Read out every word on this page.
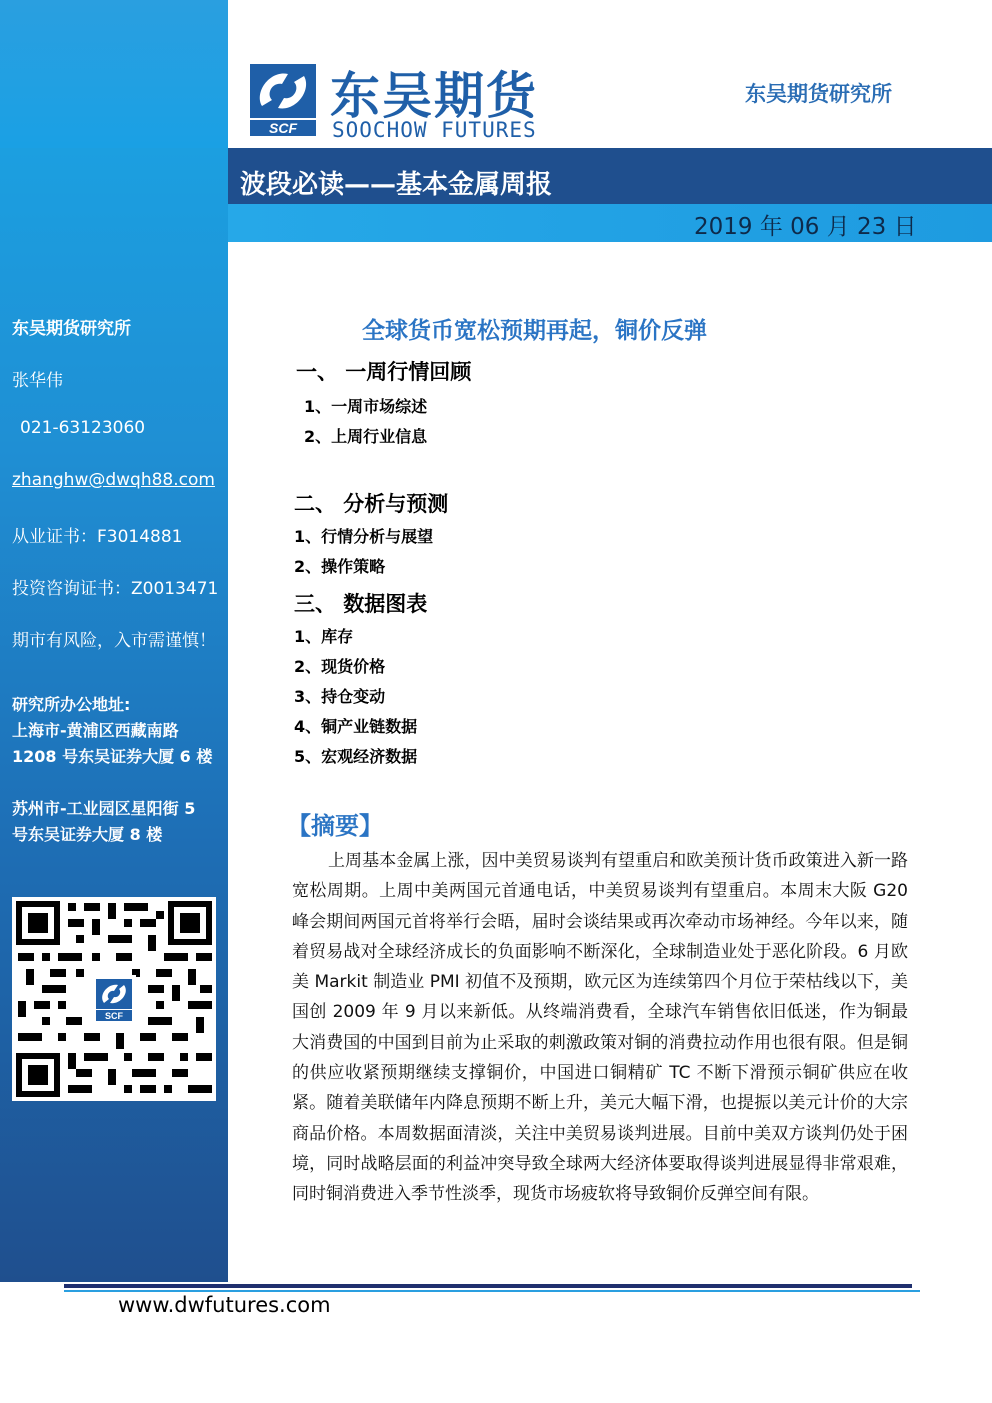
SCF
东吴期货
SOOCHOW FUTURES
东吴期货研究所
波段必读——基本金属周报
2019 年 06 月 23 日
东吴期货研究所
张华伟
021-63123060
zhanghw@dwqh88.com
从业证书：F3014881
投资咨询证书：Z0013471
期市有风险，入市需谨慎！
研究所办公地址:
上海市-黄浦区西藏南路
1208 号东吴证券大厦 6 楼
苏州市-工业园区星阳街 5
号东吴证券大厦 8 楼
SCF
全球货币宽松预期再起，铜价反弹
一、 一周行情回顾
1、一周市场综述
2、上周行业信息
二、 分析与预测
1、行情分析与展望
2、操作策略
三、 数据图表
1、库存
2、现货价格
3、持仓变动
4、铜产业链数据
5、宏观经济数据
【摘要】

上周基本金属上涨，因中美贸易谈判有望重启和欧美预计货币政策进入新一路宽松周期。上周中美两国元首通电话，中美贸易谈判有望重启。本周末大阪 G20 峰会期间两国元首将举行会晤，届时会谈结果或再次牵动市场神经。今年以来，随着贸易战对全球经济成长的负面影响不断深化，全球制造业处于恶化阶段。6 月欧美 Markit 制造业 PMI 初值不及预期，欧元区为连续第四个月位于荣枯线以下，美国创 2009 年 9 月以来新低。从终端消费看，全球汽车销售依旧低迷，作为铜最大消费国的中国到目前为止采取的刺激政策对铜的消费拉动作用也很有限。但是铜的供应收紧预期继续支撑铜价，中国进口铜精矿 TC 不断下滑预示铜矿供应在收紧。随着美联储年内降息预期不断上升，美元大幅下滑，也提振以美元计价的大宗商品价格。本周数据面清淡，关注中美贸易谈判进展。目前中美双方谈判仍处于困境，同时战略层面的利益冲突导致全球两大经济体要取得谈判进展显得非常艰难，同时铜消费进入季节性淡季，现货市场疲软将导致铜价反弹空间有限。

www.dwfutures.com
